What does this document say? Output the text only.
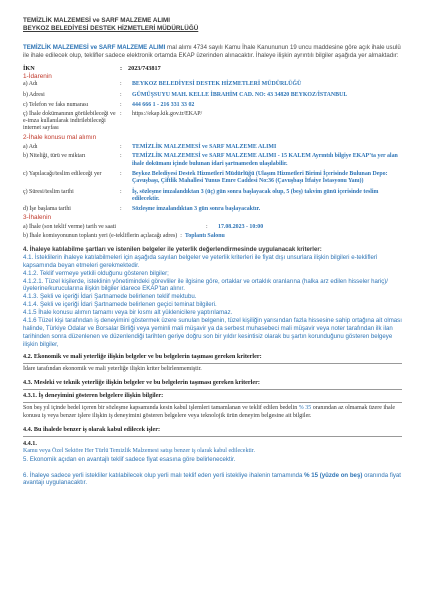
TEMİZLİK MALZEMESİ ve SARF MALZEME ALIMI
BEYKOZ BELEDİYESİ DESTEK HİZMETLERİ MÜDÜRLÜĞÜ
TEMİZLİK MALZEMESİ ve SARF MALZEME ALIMI mal alımı 4734 sayılı Kamu İhale Kanununun 19 uncu maddesine göre açık ihale usulü ile ihale edilecek olup, teklifler sadece elektronik ortamda EKAP üzerinden alınacaktır. İhaleye ilişkin ayrıntılı bilgiler aşağıda yer almaktadır:
İKN	: 2023/743817
1-İdarenin
a) Adı	:	BEYKOZ BELEDİYESİ DESTEK HİZMETLERİ MÜDÜRLÜĞÜ
b) Adresi	:	GÜMÜŞSUYU MAH. KELLE İBRAHİM CAD. NO: 43 34820 BEYKOZ/İSTANBUL
c) Telefon ve faks numarası	:	444 666 1 - 216 331 33 02
ç) İhale dokümanının görülebileceği ve e-imza kullanılarak indirilebileceği internet sayfası
:	https://ekap.kik.gov.tr/EKAP/
2-İhale konusu mal alımın
a) Adı	:	TEMİZLİK MALZEMESİ ve SARF MALZEME ALIMI
b) Niteliği, türü ve miktarı	:	TEMİZLİK MALZEMESİ ve SARF MALZEME ALIMI - 15 KALEM Ayrıntılı bilgiye EKAP’ta yer alan ihale dokümanı içinde bulunan idari şartnameden ulaşılabilir.
c) Yapılacağı/teslim edileceği yer	:	Beykoz Belediyesi Destek Hizmetleri Müdürlüğü (Ulaşım Hizmetleri Birimi İçerisinde Bulunan Depo: Çavuşbaşı, Çiftlik Mahallesi Yunus Emre Caddesi No:36 (Çavuşbaşı İtfaiye İstasyonu Yanı))
ç) Süresi/teslim tarihi	:	İş, sözleşme imzalandıktan 3 (üç) gün sonra başlayacak olup, 5 (beş) takvim günü içerisinde teslim edilecektir.
d) İşe başlama tarihi	:	Sözleşme imzalandıktan 3 gün sonra başlayacaktır.
3-İhalenin
a) İhale (son teklif verme) tarih ve saati	:	17.08.2023 - 10:00
b) İhale komisyonunun toplantı yeri (e-tekliflerin açılacağı adres) : Toplantı Salonu

4. İhaleye katılabilme şartları ve istenilen belgeler ile yeterlik değerlendirmesinde uygulanacak kriterler:

4.1. İsteklilerin ihaleye katılabilmeleri için aşağıda sayılan belgeler ve yeterlik kriterleri ile fiyat dışı unsurlara ilişkin bilgileri e-tekliflerì kapsamında beyan etmeleri gerekmektedir.

4.1.2. Teklif vermeye yetkili olduğunu gösteren bilgiler;

4.1.2.1. Tüzel kişilerde, isteklinin yönetimindeki görevliler ile ilgisine göre, ortaklar ve ortaklık oranlarına (halka arz edilen hisseler hariç)/üyelerine/kurucularına ilişkin bilgiler idarece EKAP’tan alınır.

4.1.3. Şekli ve içeriği İdari Şartnamede belirlenen teklif mektubu.

4.1.4. Şekli ve içeriği İdari Şartnamede belirlenen geçici teminat bilgileri.

4.1.5 İhale konusu alımın tamamı veya bir kısmı alt yüklenicilere yaptırılamaz.

4.1.6 Tüzel kişi tarafından iş deneyimini göstermek üzere sunulan belgenin, tüzel kişiliğin yarısından fazla hissesine sahip ortağına ait olması halinde, Türkiye Odalar ve Borsalar Birliği veya yeminli mali müşavir ya da serbest muhasebeci mali müşavir veya noter tarafından ilk ilan tarihinden sonra düzenlenen ve düzenlendiği tarihten geriye doğru son bir yıldır kesintisiz olarak bu şartın korunduğunu gösteren belgeye ilişkin bilgiler,

4.2. Ekonomik ve mali yeterliğe ilişkin belgeler ve bu belgelerin taşıması gereken kriterler:

İdare tarafından ekonomik ve mali yeterliğe ilişkin kriter belirlenmemiştir.

4.3. Mesleki ve teknik yeterliğe ilişkin belgeler ve bu belgelerin taşıması gereken kriterler:

4.3.1. İş deneyimini gösteren belgelere ilişkin bilgiler:

Son beş yıl içinde bedel içeren bir sözleşme kapsamında kesin kabul işlemleri tamamlanan ve teklif edilen bedelin % 35 oranından az olmamak üzere ihale konusu iş veya benzer işlere ilişkin iş deneyimini gösteren belgelere veya teknolojik ürün deneyim belgesine ait bilgiler.

4.4. Bu ihalede benzer iş olarak kabul edilecek işler:

4.4.1.

Kamu veya Özel Sektöre Her Türlü Temizlik Malzemesi satışı benzer iş olarak kabul edilecektir.

5. Ekonomik açıdan en avantajlı teklif sadece fiyat esasına göre belirlenecektir.

6. İhaleye sadece yerli istekliler katılabilecek olup yerli malı teklif eden yerli istekliye ihalenin tamamında % 15 (yüzde on beş) oranında fiyat avantajı uygulanacaktır.
